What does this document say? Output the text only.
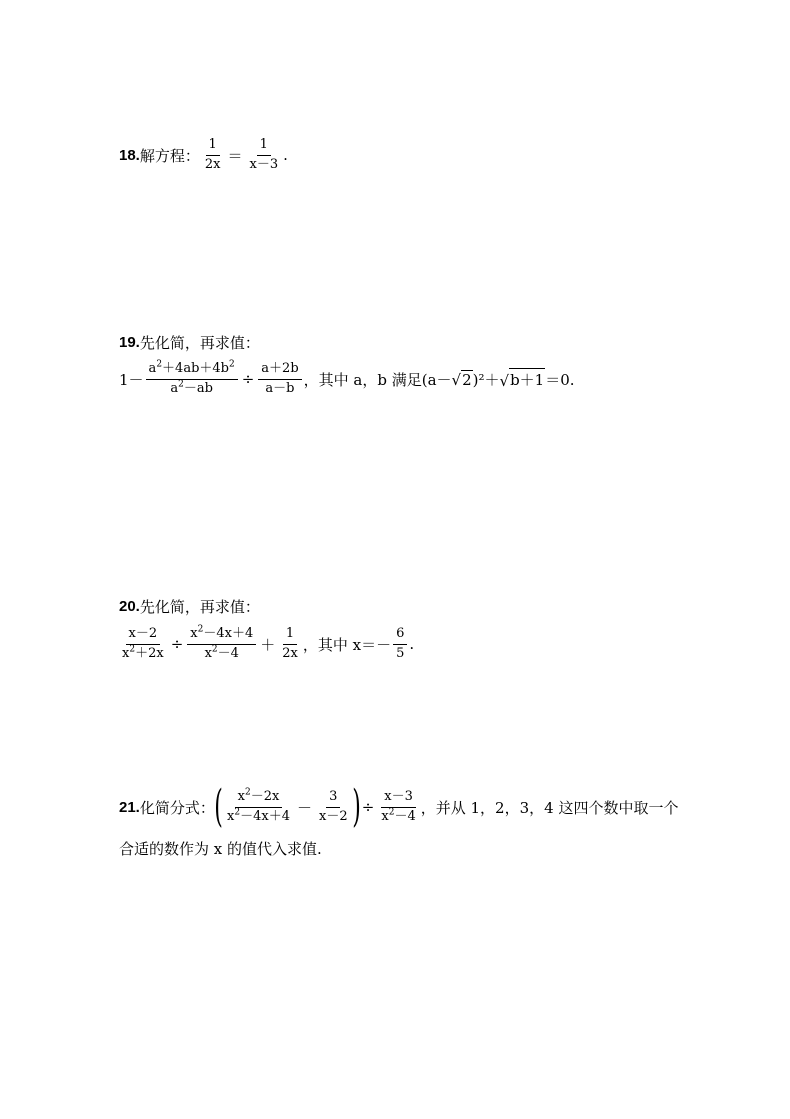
18. 解方程： $\frac{1}{2x} = \frac{1}{x-3}$ .
19. 先化简，再求值：
$1- \frac{a^2+4ab+4b^2}{a^2-ab} \div \frac{a+2b}{a-b}$ ，其中 a，b 满足(a－ √ 2 )²＋ √ b＋1 ＝0.
20. 先化简，再求值：
$\frac{x-2}{x^2+2x} \div \frac{x^2-4x+4}{x^2-4} + \frac{1}{2x}$ ，其中 $x=- \frac{6}{5}$ .
21. 化简分式： ( $\frac{x^2-2x}{x^2-4x+4} - \frac{3}{x-2}$ ) ÷ $\frac{x-3}{x^2-4}$ ，并从 1，2，3，4 这四个数中取一个
合适的数作为 x 的值代入求值.
